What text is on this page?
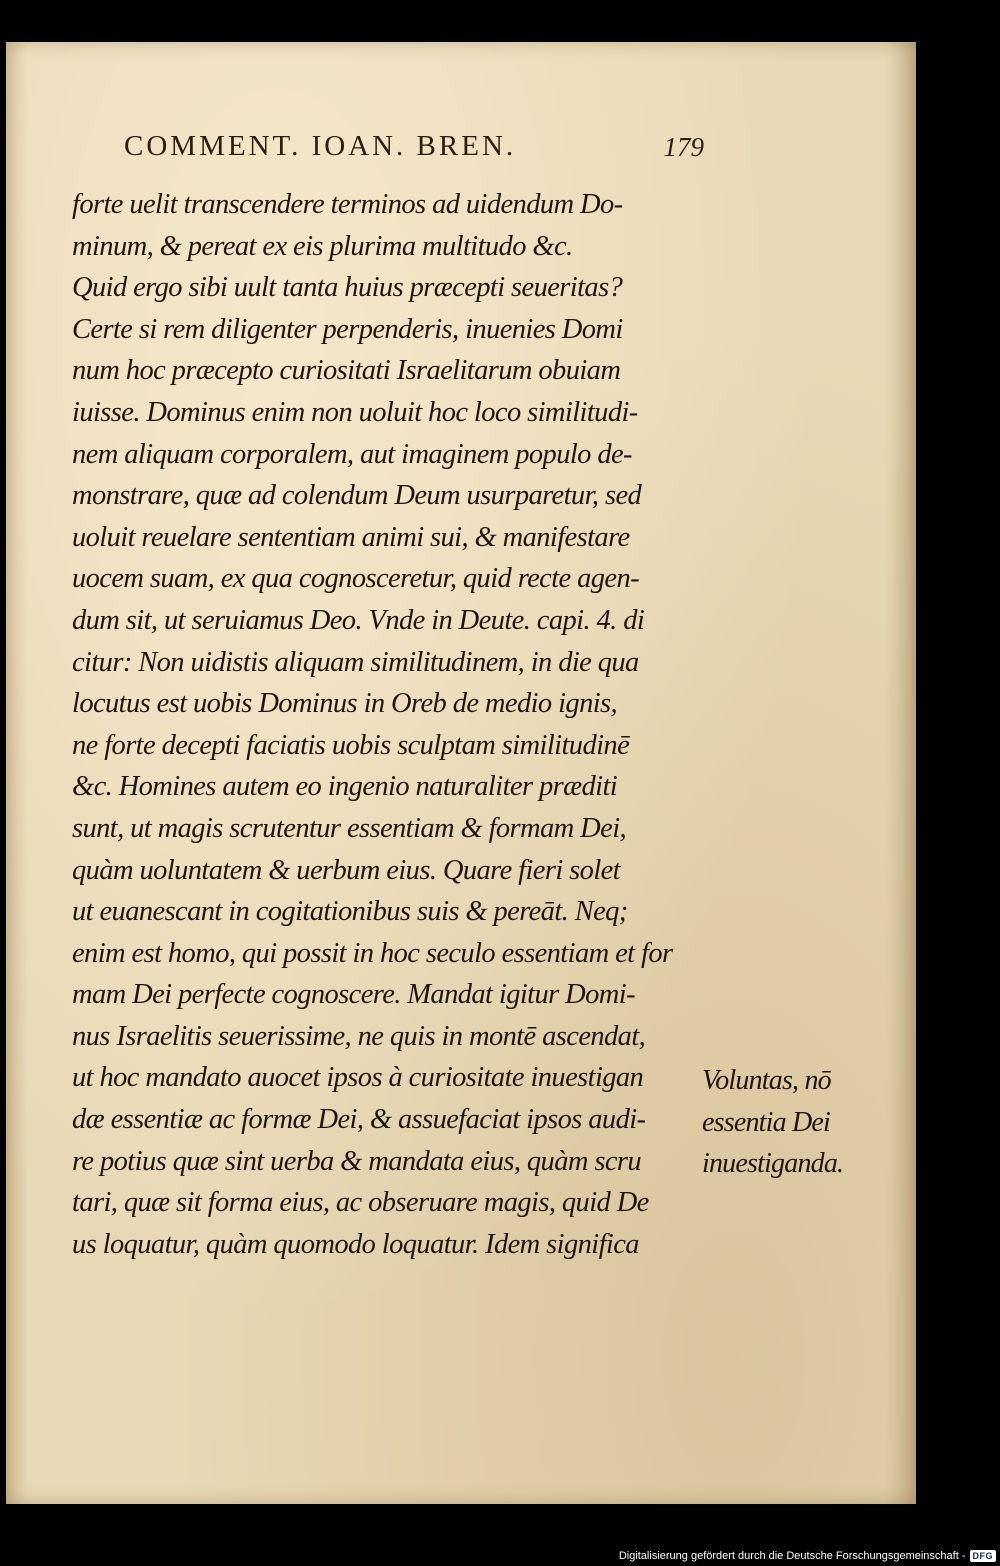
COMMENT. IOAN. BREN.	179
forte uelit transcendere terminos ad uidendum Do-
minum, & pereat ex eis plurima multitudo &c.
Quid ergo sibi uult tanta huius præcepti seueritas?
Certe si rem diligenter perpenderis, inuenies Domi
num hoc præcepto curiositati Israelitarum obuiam
iuisse. Dominus enim non uoluit hoc loco similitudi-
nem aliquam corporalem, aut imaginem populo de-
monstrare, quæ ad colendum Deum usurparetur, sed
uoluit reuelare sententiam animi sui, & manifestare
uocem suam, ex qua cognosceretur, quid recte agen-
dum sit, ut seruiamus Deo. Vnde in Deute. capi. 4. di
citur: Non uidistis aliquam similitudinem, in die qua
locutus est uobis Dominus in Oreb de medio ignis,
ne forte decepti faciatis uobis sculptam similitudinē
&c. Homines autem eo ingenio naturaliter præditi
sunt, ut magis scrutentur essentiam & formam Dei,
quàm uoluntatem & uerbum eius. Quare fieri solet
ut euanescant in cogitationibus suis & pereāt. Neq;
enim est homo, qui possit in hoc seculo essentiam et for
mam Dei perfecte cognoscere. Mandat igitur Domi-
nus Israelitis seuerissime, ne quis in montē ascendat,
ut hoc mandato auocet ipsos à curiositate inuestigan
dæ essentiæ ac formæ Dei, & assuefaciat ipsos audi-
re potius quæ sint uerba & mandata eius, quàm scru
tari, quæ sit forma eius, ac obseruare magis, quid De
us loquatur, quàm quomodo loquatur. Idem significa
Voluntas, nō
essentia Dei
inuestiganda.
Digitalisierung gefördert durch die Deutsche Forschungsgemeinschaft - DFG
